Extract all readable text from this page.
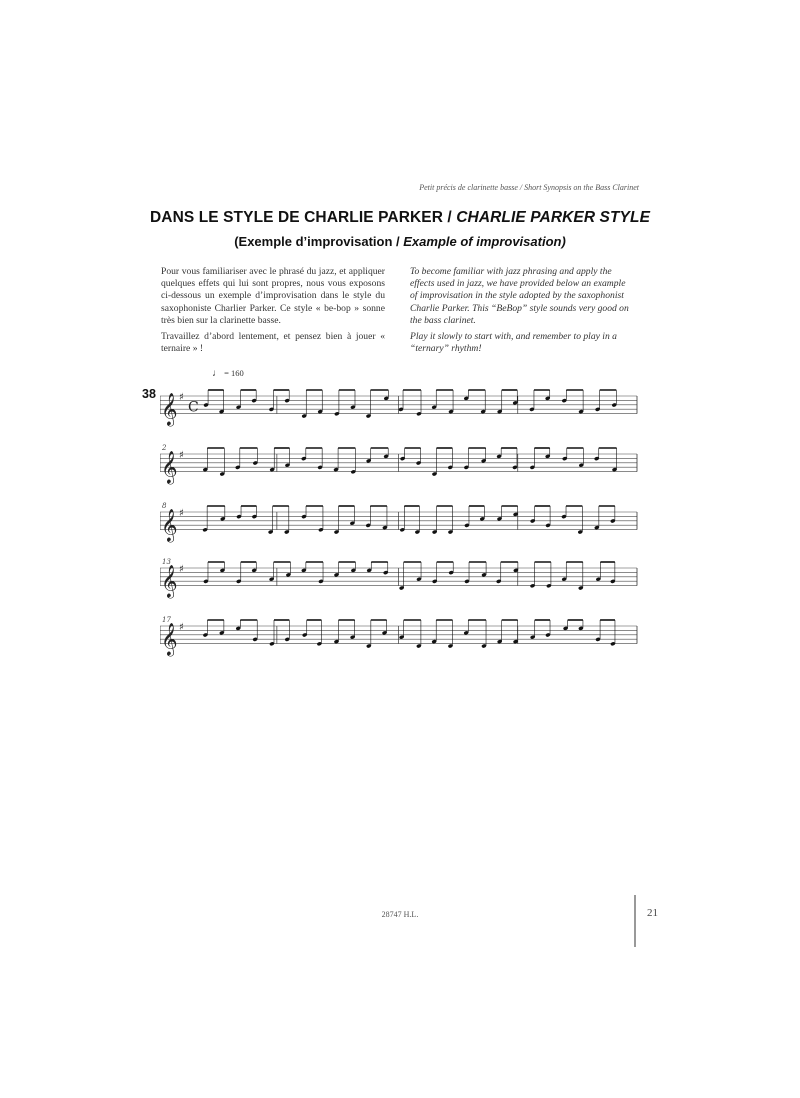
Petit précis de clarinette basse / Short Synopsis on the Bass Clarinet
DANS LE STYLE DE CHARLIE PARKER / CHARLIE PARKER STYLE
(Exemple d’improvisation / Example of improvisation)

Pour vous familiariser avec le phrasé du jazz, et appliquer quelques effets qui lui sont propres, nous vous exposons ci-dessous un exemple d’improvisation dans le style du saxophoniste Charlier Parker. Ce style « be-bop » sonne très bien sur la clarinette basse.

Travaillez d’abord lentement, et pensez bien à jouer « ternaire » !

To become familiar with jazz phrasing and apply the effects used in jazz, we have provided below an example of improvisation in the style adopted by the saxophonist Charlie Parker. This “BeBop” style sounds very good on the bass clarinet.

Play it slowly to start with, and remember to play in a “ternary” rhythm!

38
♩ = 160
𝄞 ♯
C
𝄞 ♯
2
𝄞 ♯
8
𝄞 ♯
13
𝄞 ♯
17
28747 H.L.	21
